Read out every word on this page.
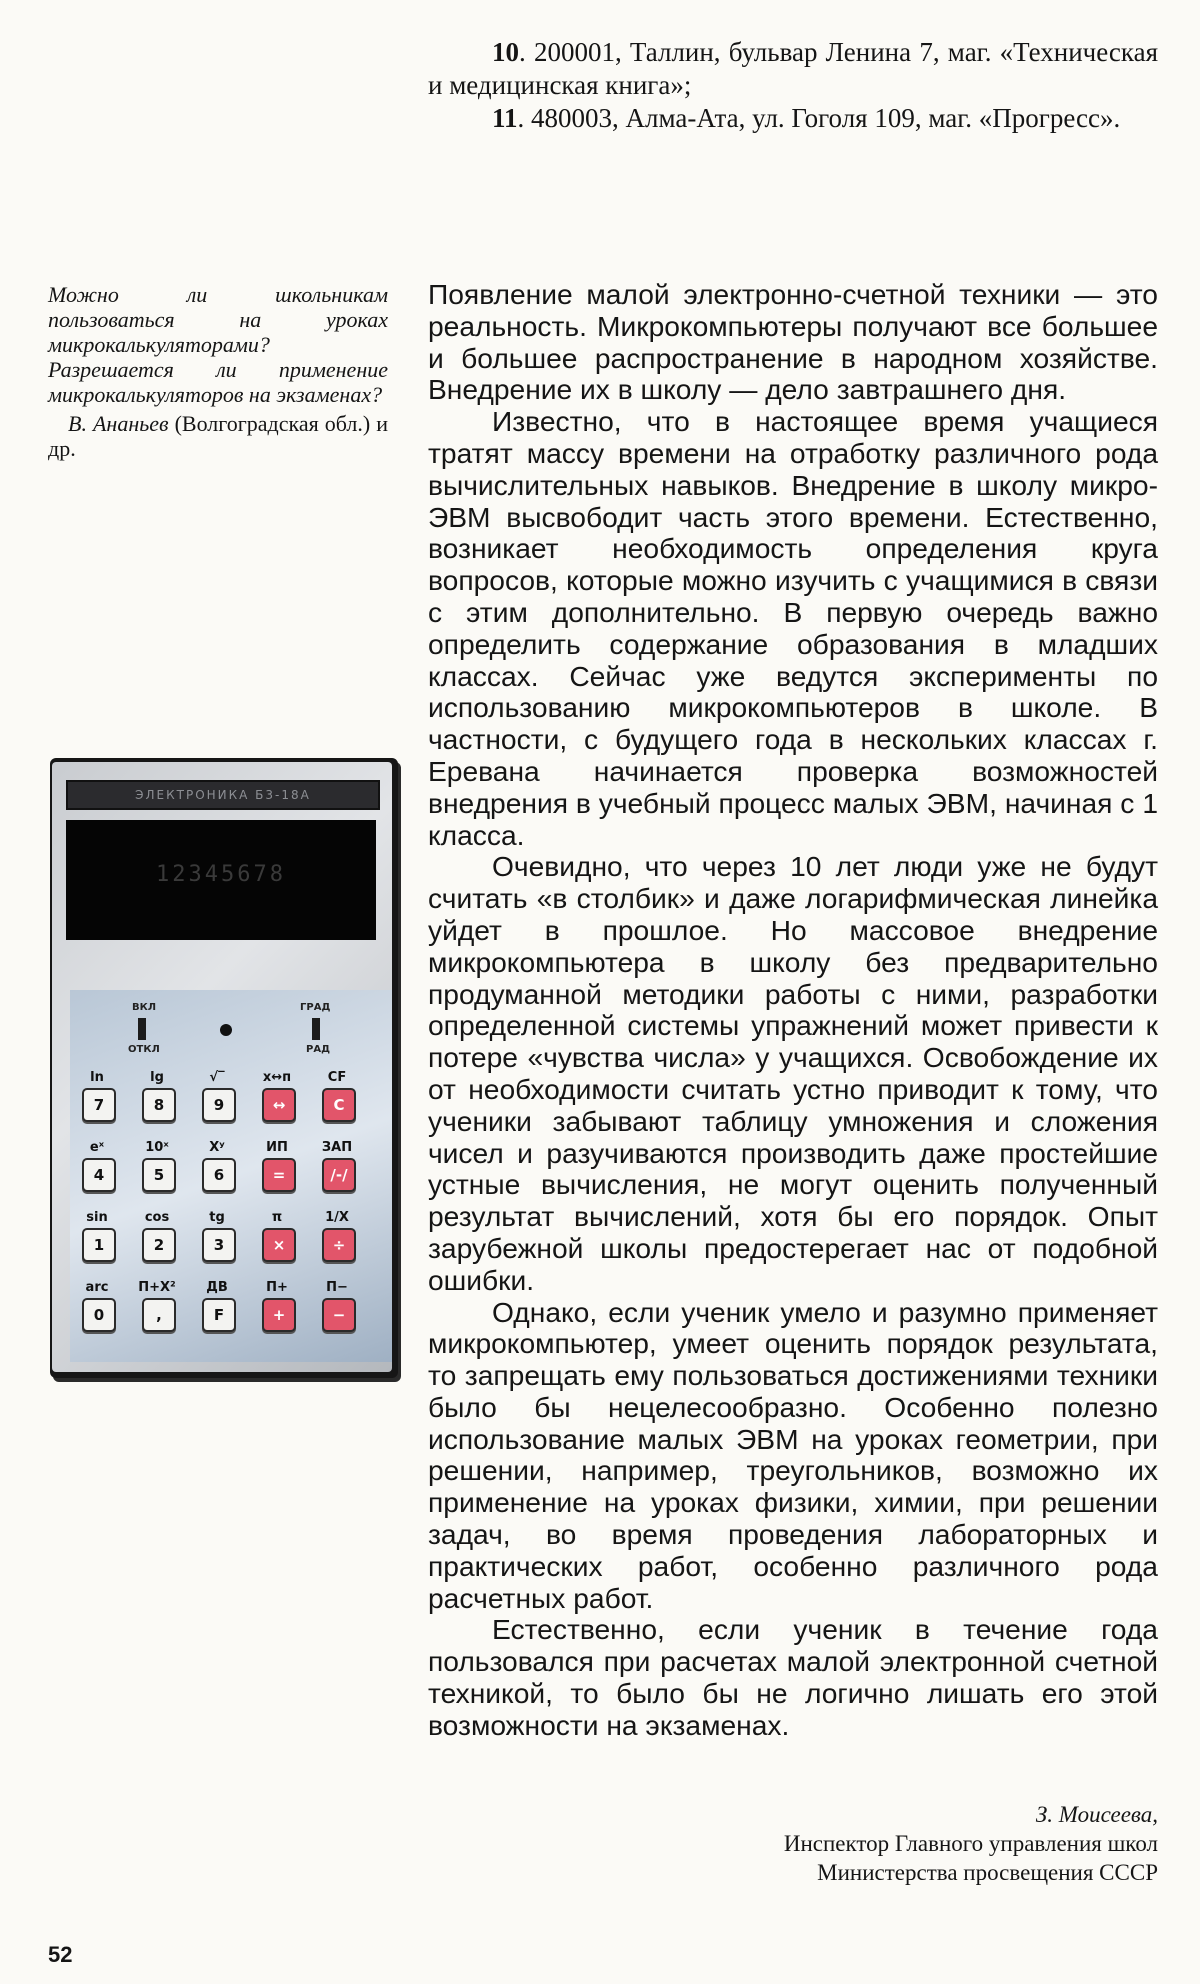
10. 200001, Таллин, бульвар Ленина 7, маг. «Техническая и медицинская книга»;

11. 480003, Алма-Ата, ул. Гоголя 109, маг. «Прогресс».

Можно ли школьникам пользоваться на уроках микрокалькуляторами? Разрешается ли применение микрокалькуляторов на экзаменах?

В. Ананьев (Волгоградская обл.) и др.

ЭЛЕКТРОНИКА Б3-18А
12345678
ВКЛ
ОТКЛ
ГРАД
РАД
ln
7
lg
8
√‾
9
x↔п
↔
CF
C
eˣ
4
10ˣ
5
Xʸ
6
ИП
=
ЗАП
/-/
sin
1
cos
2
tg
3
π
×
1/X
÷
arc
0
П+X²
,
ДВ
F
П+
+
П−
−

Появление малой электронно-счетной техники — это реальность. Микрокомпьютеры получают все большее и большее распространение в народном хозяйстве. Внедрение их в школу — дело завтрашнего дня.

Известно, что в настоящее время учащиеся тратят массу времени на отработку различного рода вычислительных навыков. Внедрение в школу микро-ЭВМ высвободит часть этого времени. Естественно, возникает необходимость определения круга вопросов, которые можно изучить с учащимися в связи с этим дополнительно. В первую очередь важно определить содержание образования в младших классах. Сейчас уже ведутся эксперименты по использованию микрокомпьютеров в школе. В частности, с будущего года в нескольких классах г. Еревана начинается проверка возможностей внедрения в учебный процесс малых ЭВМ, начиная с 1 класса.

Очевидно, что через 10 лет люди уже не будут считать «в столбик» и даже логарифмическая линейка уйдет в прошлое. Но массовое внедрение микрокомпьютера в школу без предварительно продуманной методики работы с ними, разработки определенной системы упражнений может привести к потере «чувства числа» у учащихся. Освобождение их от необходимости считать устно приводит к тому, что ученики забывают таблицу умножения и сложения чисел и разучиваются производить даже простейшие устные вычисления, не могут оценить полученный результат вычислений, хотя бы его порядок. Опыт зарубежной школы предостерегает нас от подобной ошибки.

Однако, если ученик умело и разумно применяет микрокомпьютер, умеет оценить порядок результата, то запрещать ему пользоваться достижениями техники было бы нецелесообразно. Особенно полезно использование малых ЭВМ на уроках геометрии, при решении, например, треугольников, возможно их применение на уроках физики, химии, при решении задач, во время проведения лабораторных и практических работ, особенно различного рода расчетных работ.

Естественно, если ученик в течение года пользовался при расчетах малой электронной счетной техникой, то было бы не логично лишать его этой возможности на экзаменах.

З. Моисеева,
Инспектор Главного управления школ
Министерства просвещения СССР
52
